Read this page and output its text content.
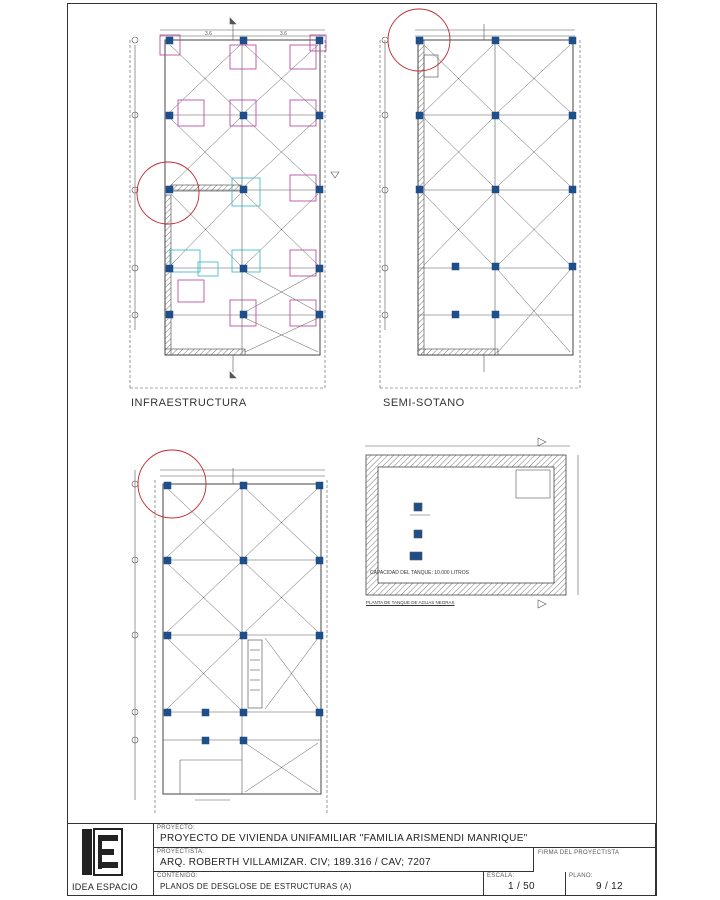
3.6	3.6
INFRAESTRUCTURA	SEMI-SOTANO
CAPACIDAD DEL TANQUE: 10.000 LITROS
PLANTA DE TANQUE DE AGUAS NEGRAS
IDEA ESPACIO
PROYECTO:
PROYECTO DE VIVIENDA UNIFAMILIAR "FAMILIA ARISMENDI MANRIQUE"
PROYECTISTA:
ARQ. ROBERTH VILLAMIZAR. CIV; 189.316 / CAV; 7207
FIRMA DEL PROYECTISTA
CONTENIDO:
PLANOS DE DESGLOSE DE ESTRUCTURAS (A)
ESCALA:
1 / 50
PLANO:
9 / 12
